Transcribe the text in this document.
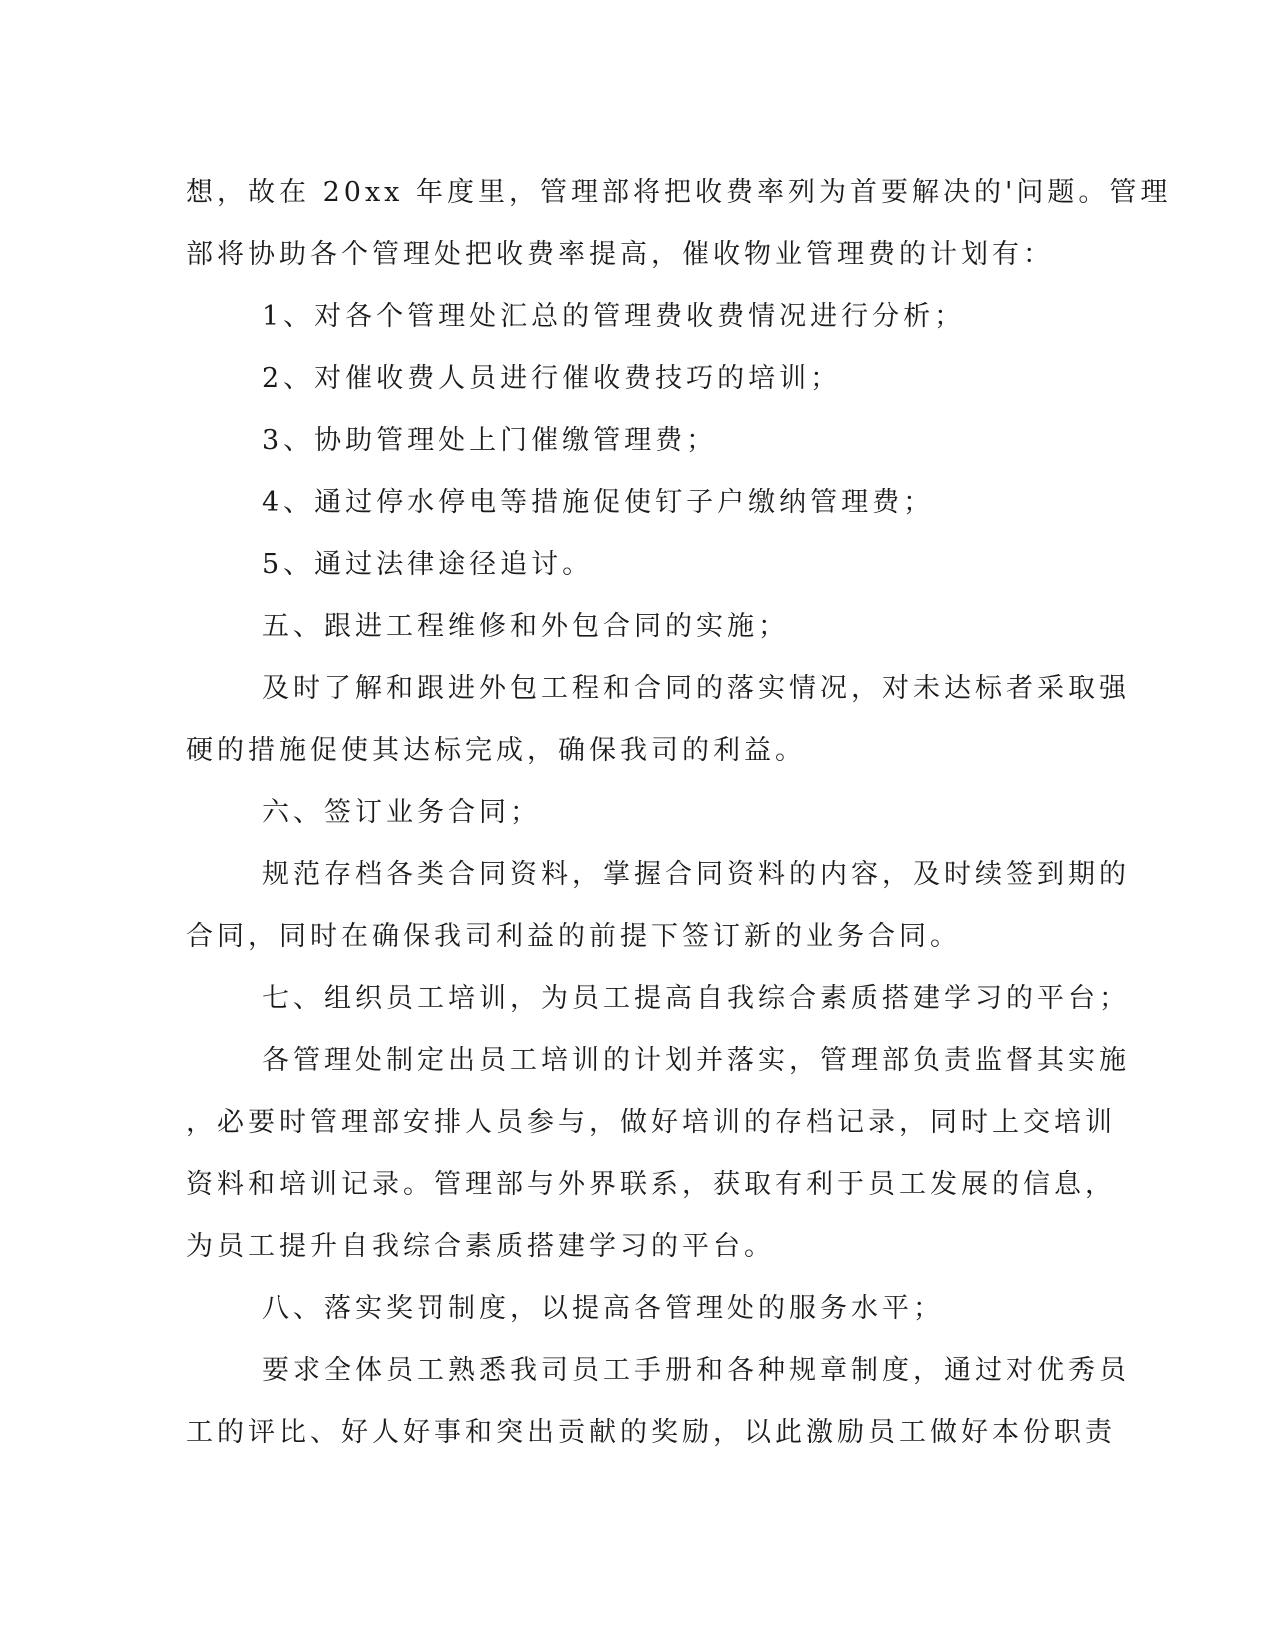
想，故在 20xx 年度里，管理部将把收费率列为首要解决的'问题。管理
部将协助各个管理处把收费率提高，催收物业管理费的计划有：
1、对各个管理处汇总的管理费收费情况进行分析；
2、对催收费人员进行催收费技巧的培训；
3、协助管理处上门催缴管理费；
4、通过停水停电等措施促使钉子户缴纳管理费；
5、通过法律途径追讨。
五、跟进工程维修和外包合同的实施；
及时了解和跟进外包工程和合同的落实情况，对未达标者采取强
硬的措施促使其达标完成，确保我司的利益。
六、签订业务合同；
规范存档各类合同资料，掌握合同资料的内容，及时续签到期的
合同，同时在确保我司利益的前提下签订新的业务合同。
七、组织员工培训，为员工提高自我综合素质搭建学习的平台；
各管理处制定出员工培训的计划并落实，管理部负责监督其实施
，必要时管理部安排人员参与，做好培训的存档记录，同时上交培训
资料和培训记录。管理部与外界联系，获取有利于员工发展的信息，
为员工提升自我综合素质搭建学习的平台。
八、落实奖罚制度，以提高各管理处的服务水平；
要求全体员工熟悉我司员工手册和各种规章制度，通过对优秀员
工的评比、好人好事和突出贡献的奖励，以此激励员工做好本份职责
